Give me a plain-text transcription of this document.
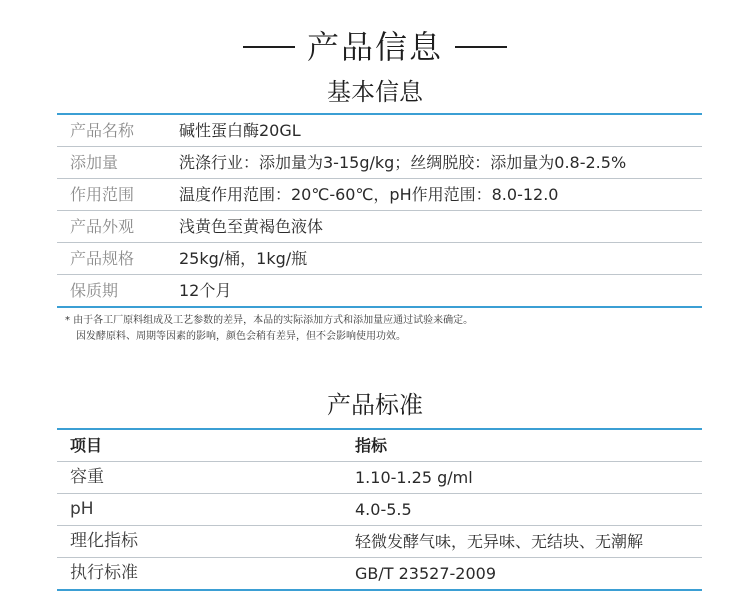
产品信息
基本信息
产品名称	碱性蛋白酶20GL
添加量	洗涤行业：添加量为3-15g/kg；丝绸脱胶：添加量为0.8-2.5%
作用范围	温度作用范围：20℃-60℃，pH作用范围：8.0-12.0
产品外观	浅黄色至黄褐色液体
产品规格	25kg/桶，1kg/瓶
保质期	12个月
* 由于各工厂原料组成及工艺参数的差异，本品的实际添加方式和添加量应通过试验来确定。
因发酵原料、周期等因素的影响，颜色会稍有差异，但不会影响使用功效。
产品标准
项目	指标
容重	1.10-1.25 g/ml
pH	4.0-5.5
理化指标	轻微发酵气味，无异味、无结块、无潮解
执行标准	GB/T 23527-2009
